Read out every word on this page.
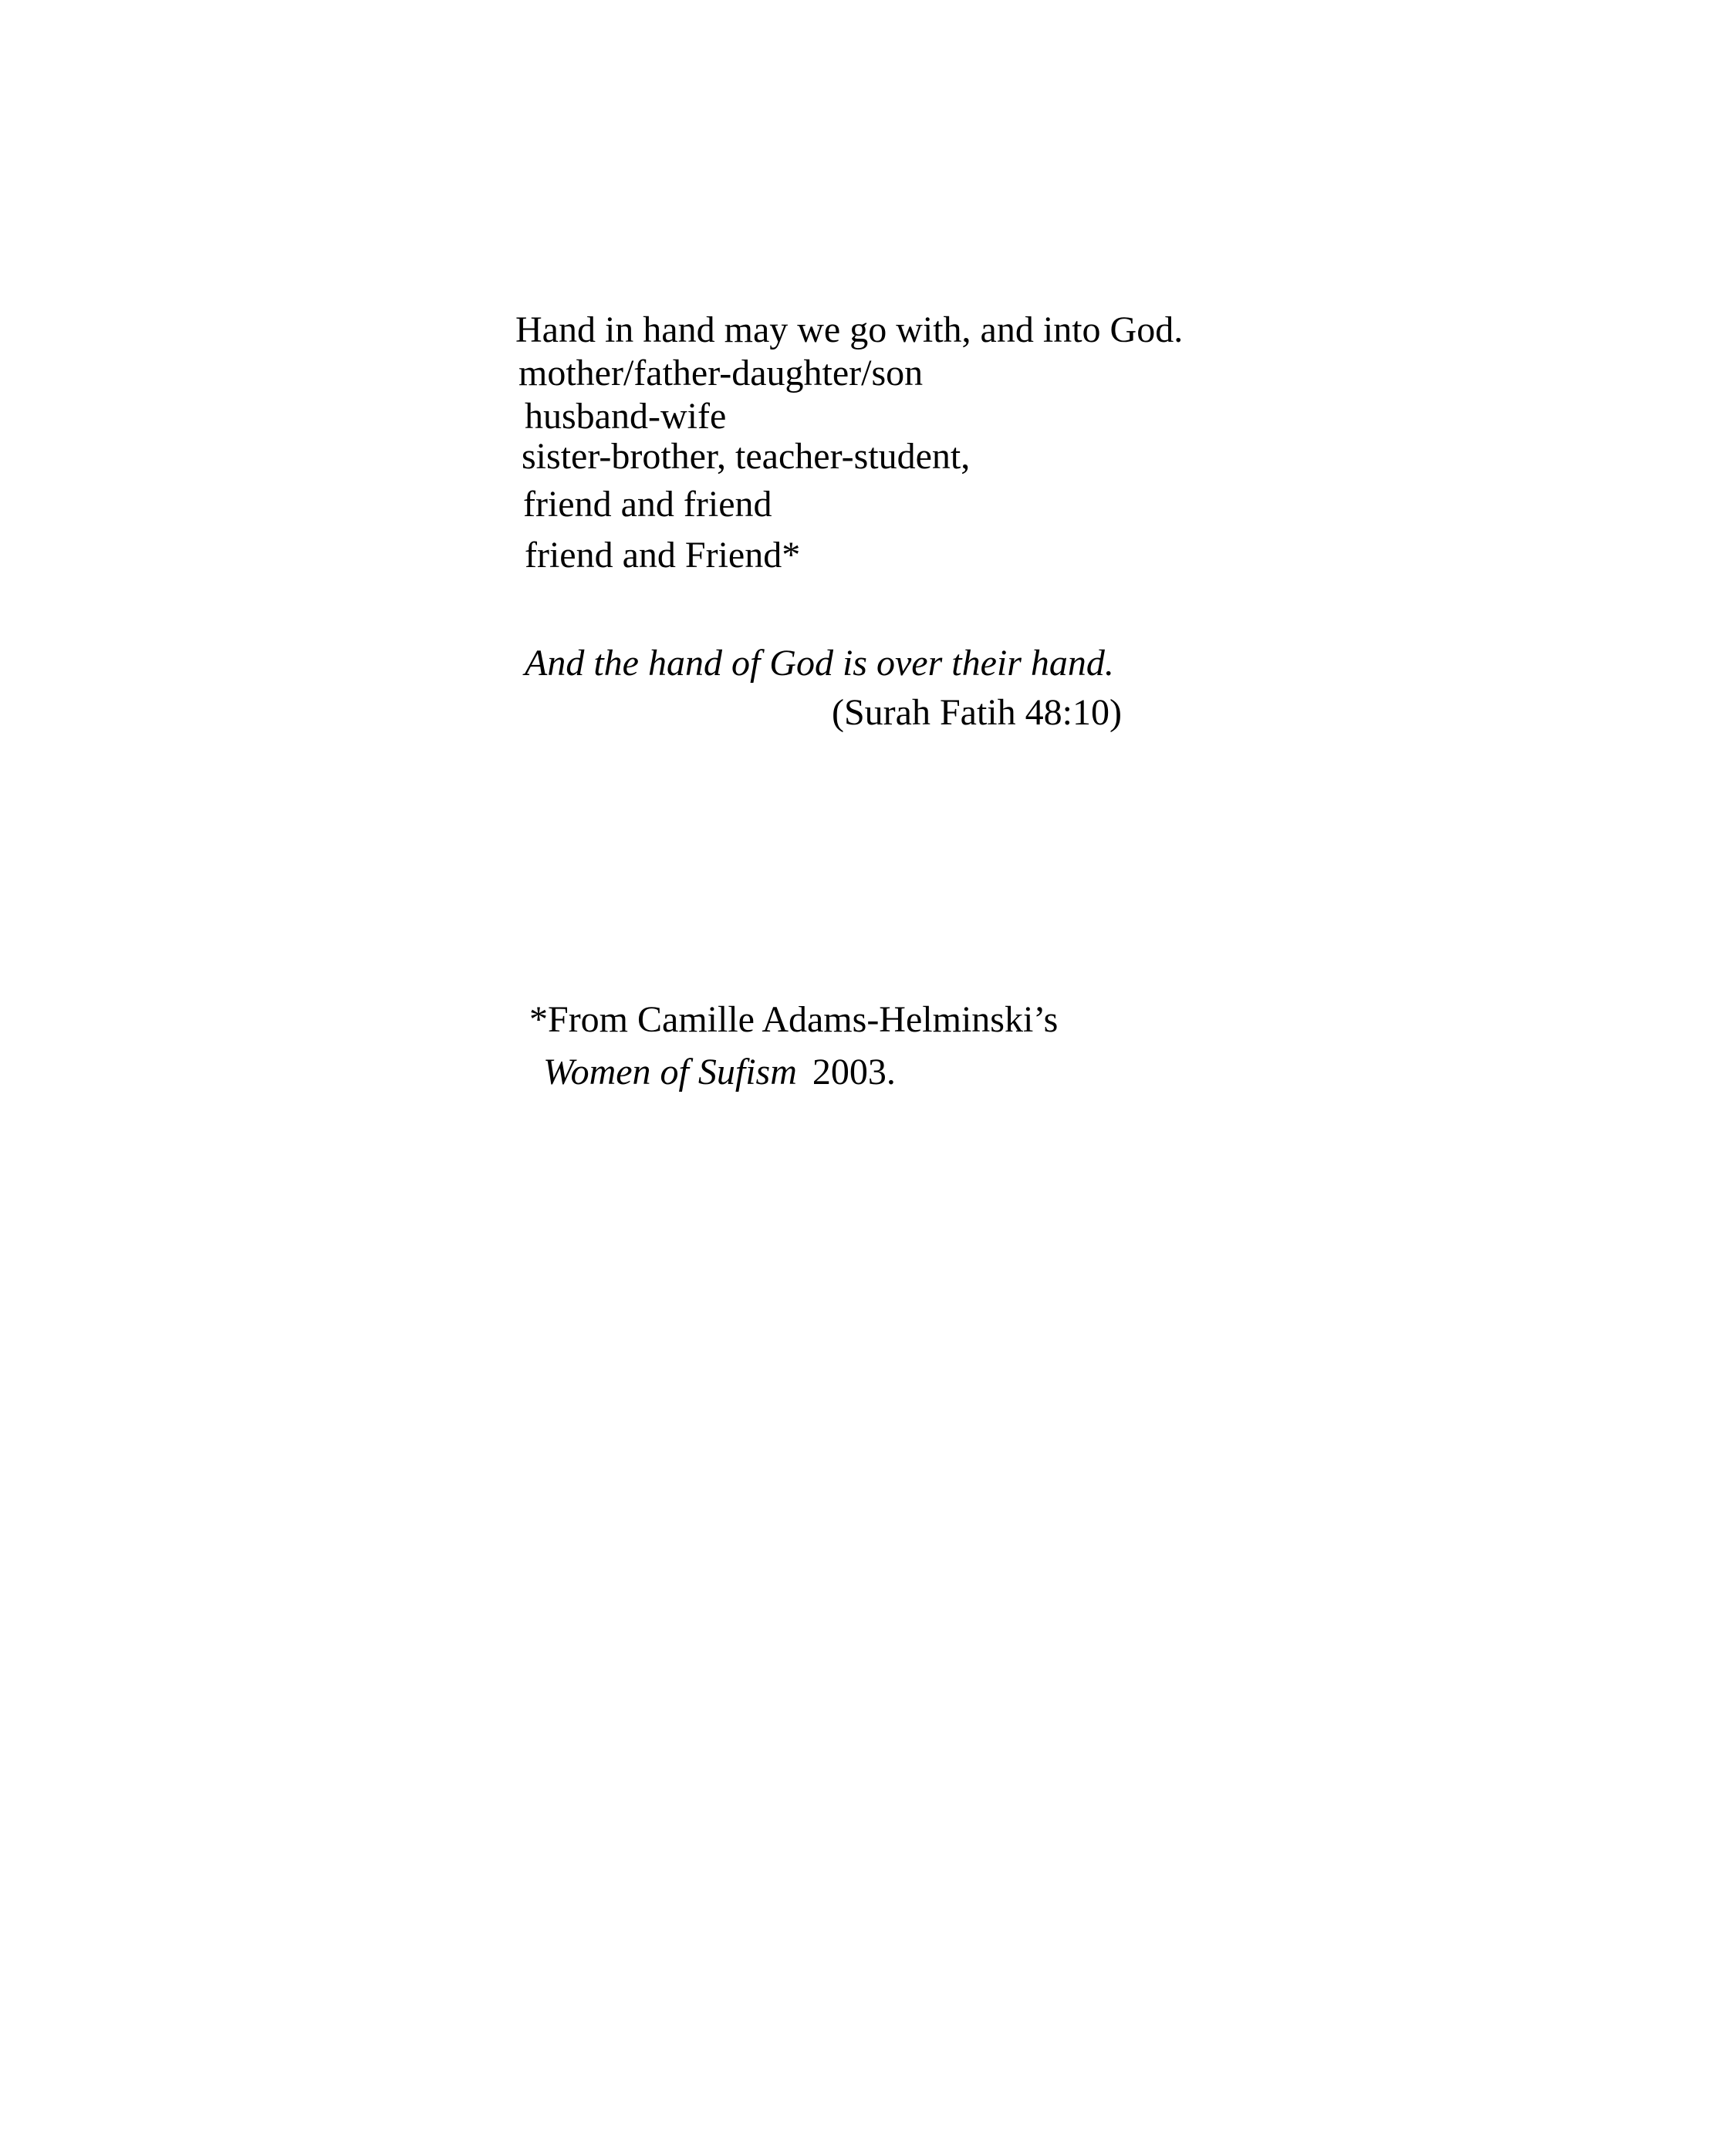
Hand in hand may we go with, and into God.
mother/father-daughter/son
husband-wife
sister-brother, teacher-student,
friend and friend
friend and Friend*
And the hand of God is over their hand.
(Surah Fatih 48:10)
*From Camille Adams-Helminski’s
Women of Sufism 2003.
